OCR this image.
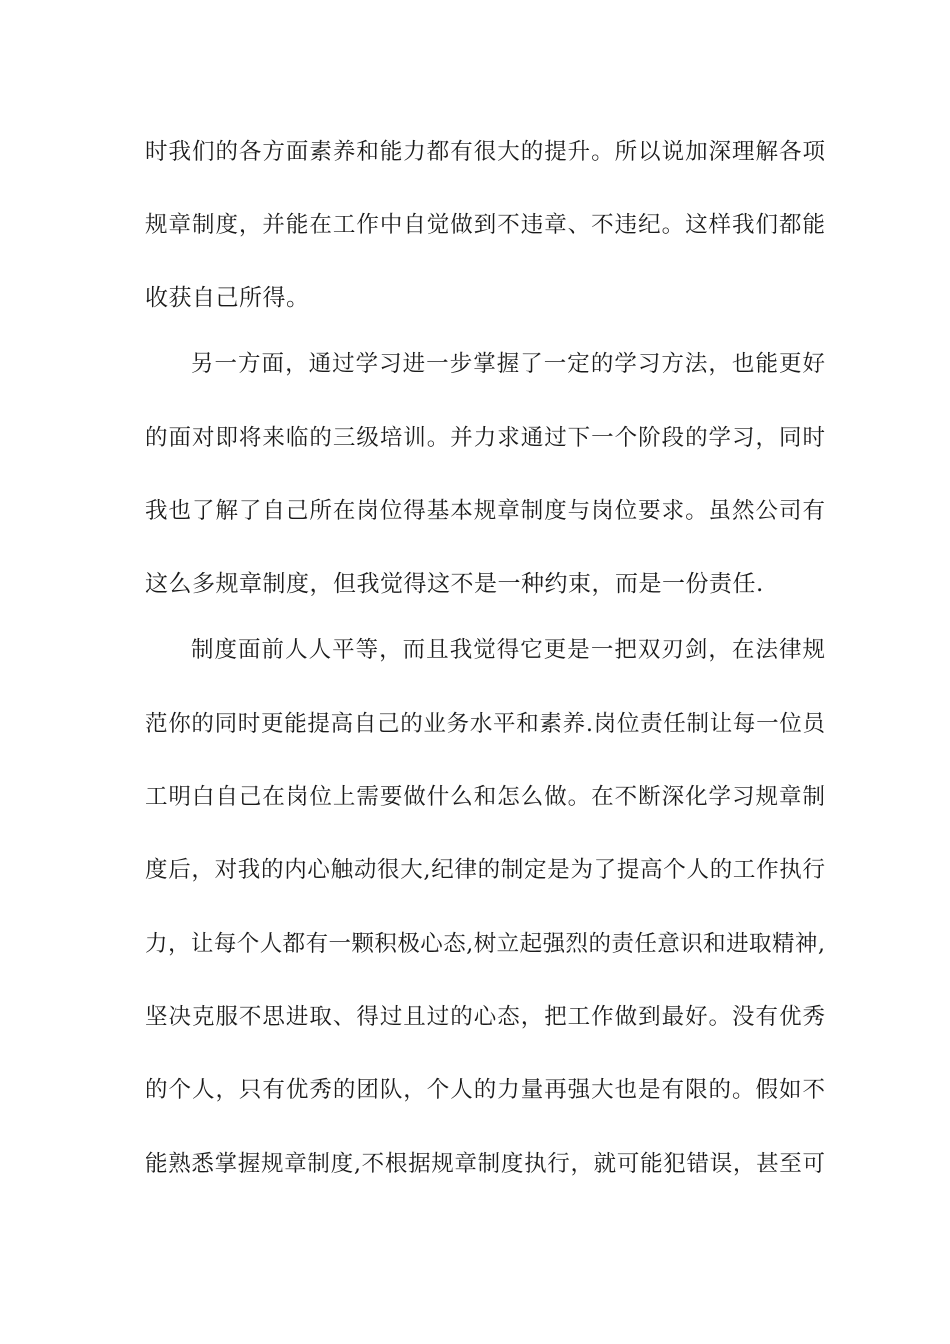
时我们的各方面素养和能力都有很大的提升。所以说加深理解各项
规章制度，并能在工作中自觉做到不违章、不违纪。这样我们都能
收获自己所得。
另一方面，通过学习进一步掌握了一定的学习方法，也能更好
的面对即将来临的三级培训。并力求通过下一个阶段的学习，同时
我也了解了自己所在岗位得基本规章制度与岗位要求。虽然公司有
这么多规章制度，但我觉得这不是一种约束，而是一份责任.
制度面前人人平等，而且我觉得它更是一把双刃剑，在法律规
范你的同时更能提高自己的业务水平和素养.岗位责任制让每一位员
工明白自己在岗位上需要做什么和怎么做。在不断深化学习规章制
度后，对我的内心触动很大,纪律的制定是为了提高个人的工作执行
力，让每个人都有一颗积极心态,树立起强烈的责任意识和进取精神,
坚决克服不思进取、得过且过的心态，把工作做到最好。没有优秀
的个人，只有优秀的团队，个人的力量再强大也是有限的。假如不
能熟悉掌握规章制度,不根据规章制度执行，就可能犯错误，甚至可
